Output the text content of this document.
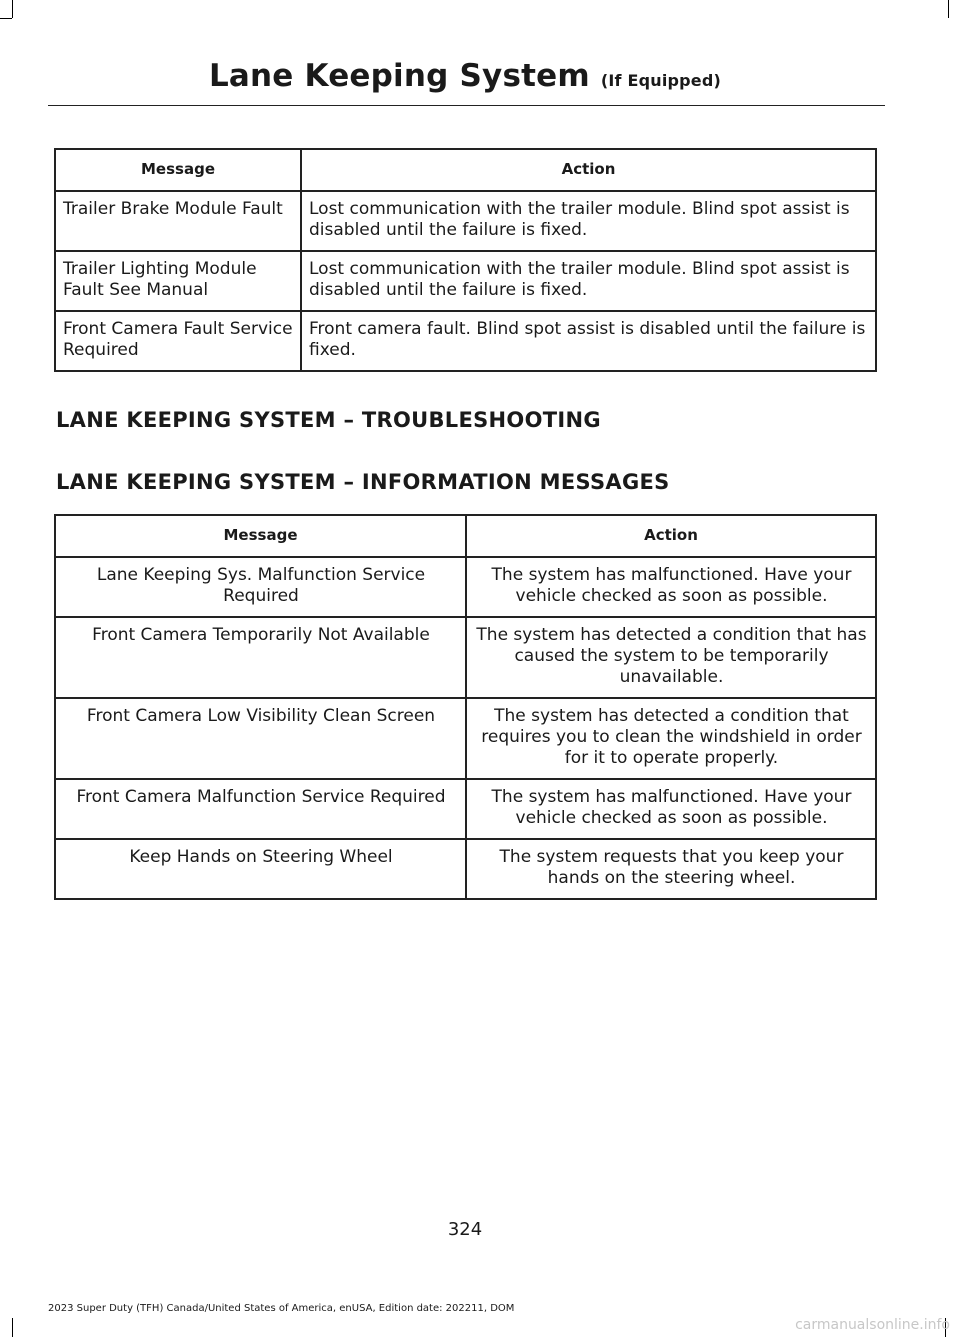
Lane Keeping System (If Equipped)
Message	Action
Trailer Brake Module Fault	Lost communication with the trailer module. Blind spot assist is disabled until the failure is fixed.
Trailer Lighting Module Fault See Manual	Lost communication with the trailer module. Blind spot assist is disabled until the failure is fixed.
Front Camera Fault Service Required	Front camera fault. Blind spot assist is disabled until the failure is fixed.
LANE KEEPING SYSTEM – TROUBLESHOOTING
LANE KEEPING SYSTEM – INFORMATION MESSAGES
Message	Action
Lane Keeping Sys. Malfunction Service Required	The system has malfunctioned. Have your vehicle checked as soon as possible.
Front Camera Temporarily Not Available	The system has detected a condition that has caused the system to be temporarily unavailable.
Front Camera Low Visibility Clean Screen	The system has detected a condition that requires you to clean the windshield in order for it to operate properly.
Front Camera Malfunction Service Required	The system has malfunctioned. Have your vehicle checked as soon as possible.
Keep Hands on Steering Wheel	The system requests that you keep your hands on the steering wheel.
324
2023 Super Duty (TFH) Canada/United States of America, enUSA, Edition date: 202211, DOM
carmanualsonline.info
